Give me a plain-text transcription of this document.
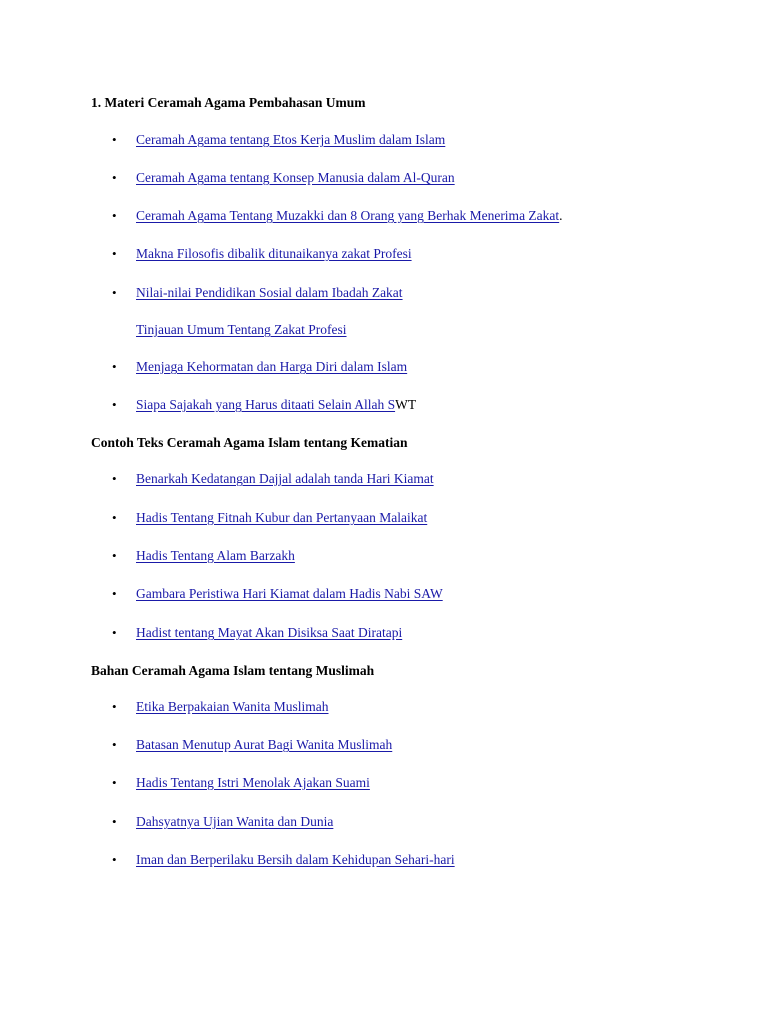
1. Materi Ceramah Agama Pembahasan Umum
•
Ceramah Agama tentang Etos Kerja Muslim dalam Islam
•
Ceramah Agama tentang Konsep Manusia dalam Al-Quran
•
Ceramah Agama Tentang Muzakki dan 8 Orang yang Berhak Menerima Zakat.
•
Makna Filosofis dibalik ditunaikanya zakat Profesi
•
Nilai-nilai Pendidikan Sosial dalam Ibadah Zakat
Tinjauan Umum Tentang Zakat Profesi
•
Menjaga Kehormatan dan Harga Diri dalam Islam
•
Siapa Sajakah yang Harus ditaati Selain Allah SWT
Contoh Teks Ceramah Agama Islam tentang Kematian
•
Benarkah Kedatangan Dajjal adalah tanda Hari Kiamat
•
Hadis Tentang Fitnah Kubur dan Pertanyaan Malaikat
•
Hadis Tentang Alam Barzakh
•
Gambara Peristiwa Hari Kiamat dalam Hadis Nabi SAW
•
Hadist tentang Mayat Akan Disiksa Saat Diratapi
Bahan Ceramah Agama Islam tentang Muslimah
•
Etika Berpakaian Wanita Muslimah
•
Batasan Menutup Aurat Bagi Wanita Muslimah
•
Hadis Tentang Istri Menolak Ajakan Suami
•
Dahsyatnya Ujian Wanita dan Dunia
•
Iman dan Berperilaku Bersih dalam Kehidupan Sehari-hari
